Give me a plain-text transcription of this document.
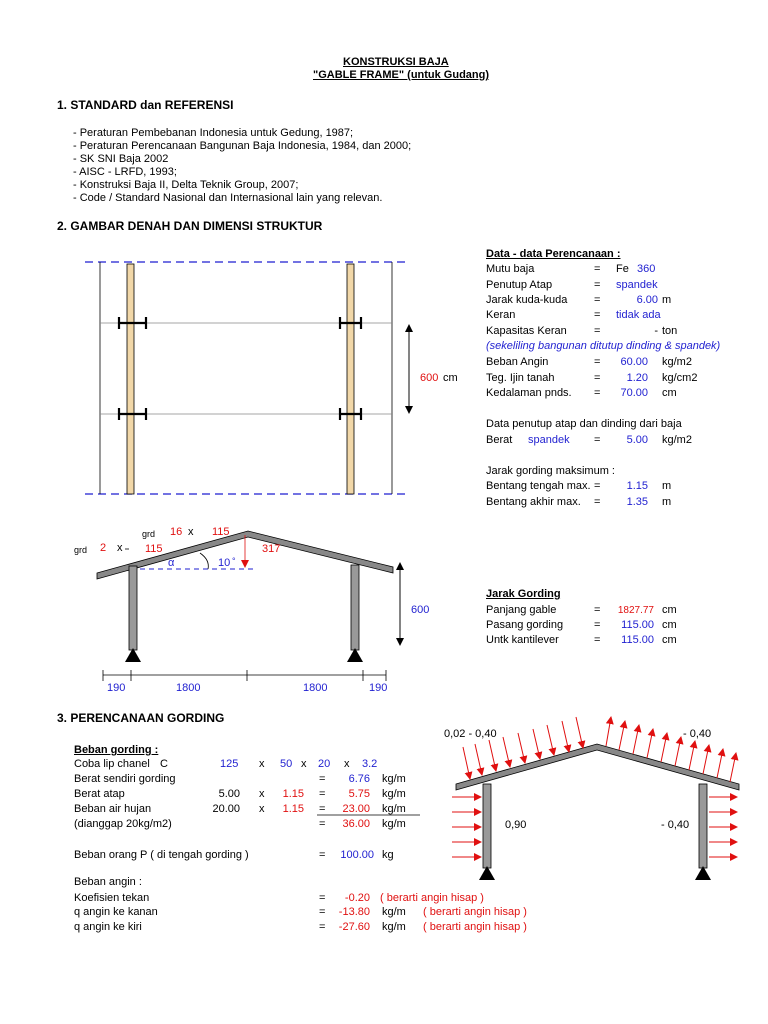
KONSTRUKSI BAJA
"GABLE FRAME" (untuk Gudang)
1. STANDARD dan REFERENSI
- Peraturan Pembebanan Indonesia untuk Gedung, 1987;
- Peraturan Perencanaan Bangunan Baja Indonesia, 1984, dan 2000;
- SK SNI Baja 2002
- AISC - LRFD, 1993;
- Konstruksi Baja II, Delta Teknik Group, 2007;
- Code / Standard Nasional dan Internasional lain yang relevan.
2. GAMBAR DENAH DAN DIMENSI STRUKTUR
600 cm
Data - data Perencanaan :
Mutu baja	= Fe 360
Penutup Atap	= spandek
Jarak kuda-kuda =	6.00 m
Keran	= tidak ada
Kapasitas Keran =	- ton
(sekeliling bangunan ditutup dinding & spandek)
Beban Angin	=	60.00 kg/m2
Teg. Ijin tanah	=	1.20 kg/cm2
Kedalaman pnds. =	70.00 cm
Data penutup atap dan dinding dari baja
Berat spandek =	5.00 kg/m2
Jarak gording maksimum :
Bentang tengah max. =	1.15 m
Bentang akhir max. =	1.35 m
grd 16 x 115
grd 2 x 115	317
α	10 °
600
190	1800	1800	190
Jarak Gording
Panjang gable	=	1827.77 cm
Pasang gording	=	115.00 cm
Untk kantilever	=	115.00 cm
3. PERENCANAAN GORDING
Beban gording :
Coba lip chanel C	125 x 50 x 20 x 3.2
Berat sendiri gording	=	6.76 kg/m
Berat atap	5.00 x	1.15 =	5.75 kg/m
Beban air hujan	20.00 x	1.15 =	23.00 kg/m
(dianggap 20kg/m2)	=	36.00 kg/m
Beban orang P ( di tengah gording )	=	100.00 kg
Beban angin :
Koefisien tekan	=	-0.20 ( berarti angin hisap )
q angin ke kanan	=	-13.80 kg/m ( berarti angin hisap )
q angin ke kiri	=	-27.60 kg/m ( berarti angin hisap )
0,02 - 0,40	- 0,40
0,90	- 0,40
